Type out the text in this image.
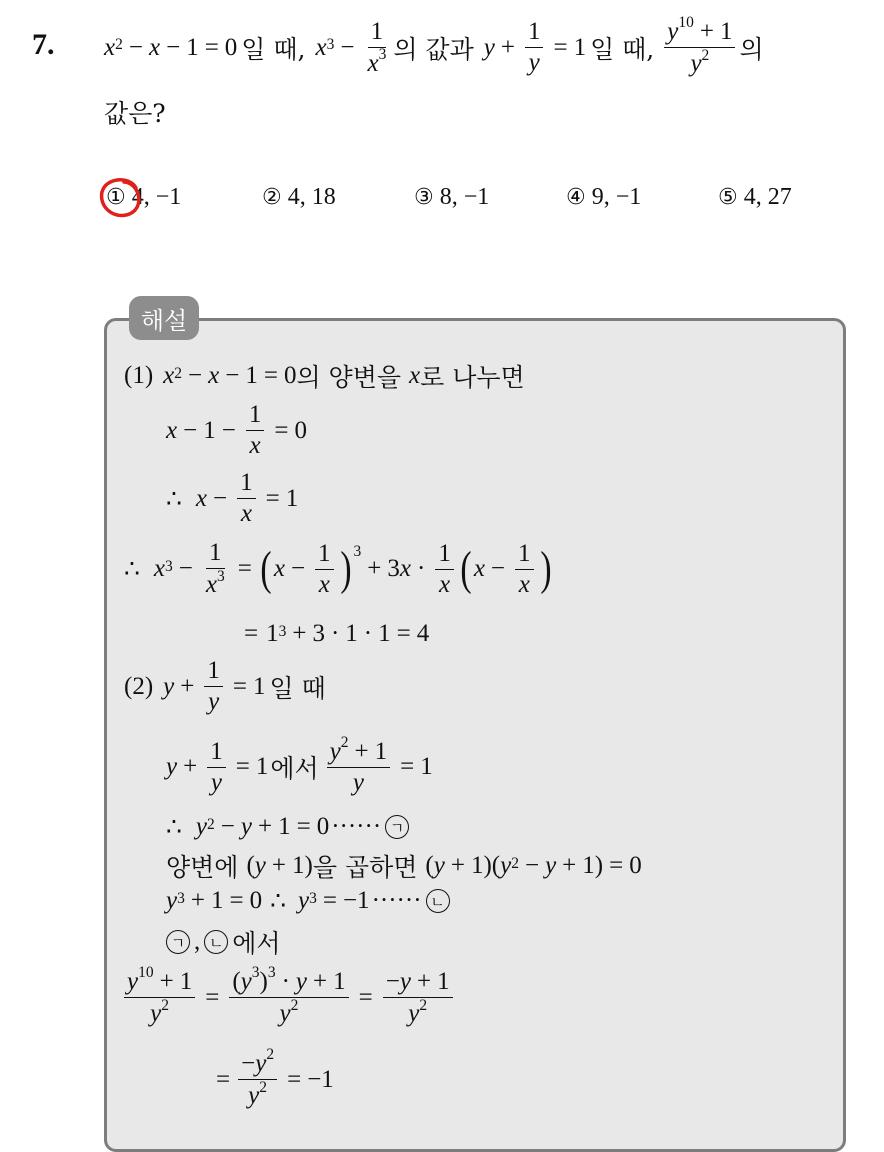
7. $x^2 - x - 1 = 0$ 일 때, $x^3 - \frac{1}{x^3}$ 의 값과 $y + \frac{1}{y} = 1$ 일 때, $\frac{y^{10} + 1}{y^2}$ 의
값은?
① 4, −1	② 4, 18	③ 8, −1	④ 9, −1	⑤ 4, 27
해설
(1) $x^2 - x - 1 = 0$ 의 양변을 x 로 나누면
$x - 1 - \frac{1}{x} = 0$
∴ $x - \frac{1}{x} = 1$
∴ $x^3 - \frac{1}{x^3}$ = ( $x - \frac{1}{x} )^3$
+ 3 $x \cdot \frac{1}{x}$ ( $x - \frac{1}{x}$ )
= $1^3 + 3 \cdot 1 \cdot 1 = 4$
(2) $y + \frac{1}{y} = 1$ 일 때
$y + \frac{1}{y} = 1$ 에서 $\frac{y^2 + 1}{y} = 1$
∴ $y^2 - y + 1 = 0$ ······ ㄱ
양변에 ( y + 1) 을 곱하면 ( y + 1)( $y^2 - y + 1) = 0$
$y^3 + 1 = 0$ ∴ $y^3 = -1$ ······ ㄴ
ㄱ , ㄴ 에서
$\frac{y^{10} + 1}{y^2} = \frac{(y^3)^3 \cdot y + 1}{y^2} = \frac{-y + 1}{y^2}$
= $\frac{-y^2}{y^2} = -1$
